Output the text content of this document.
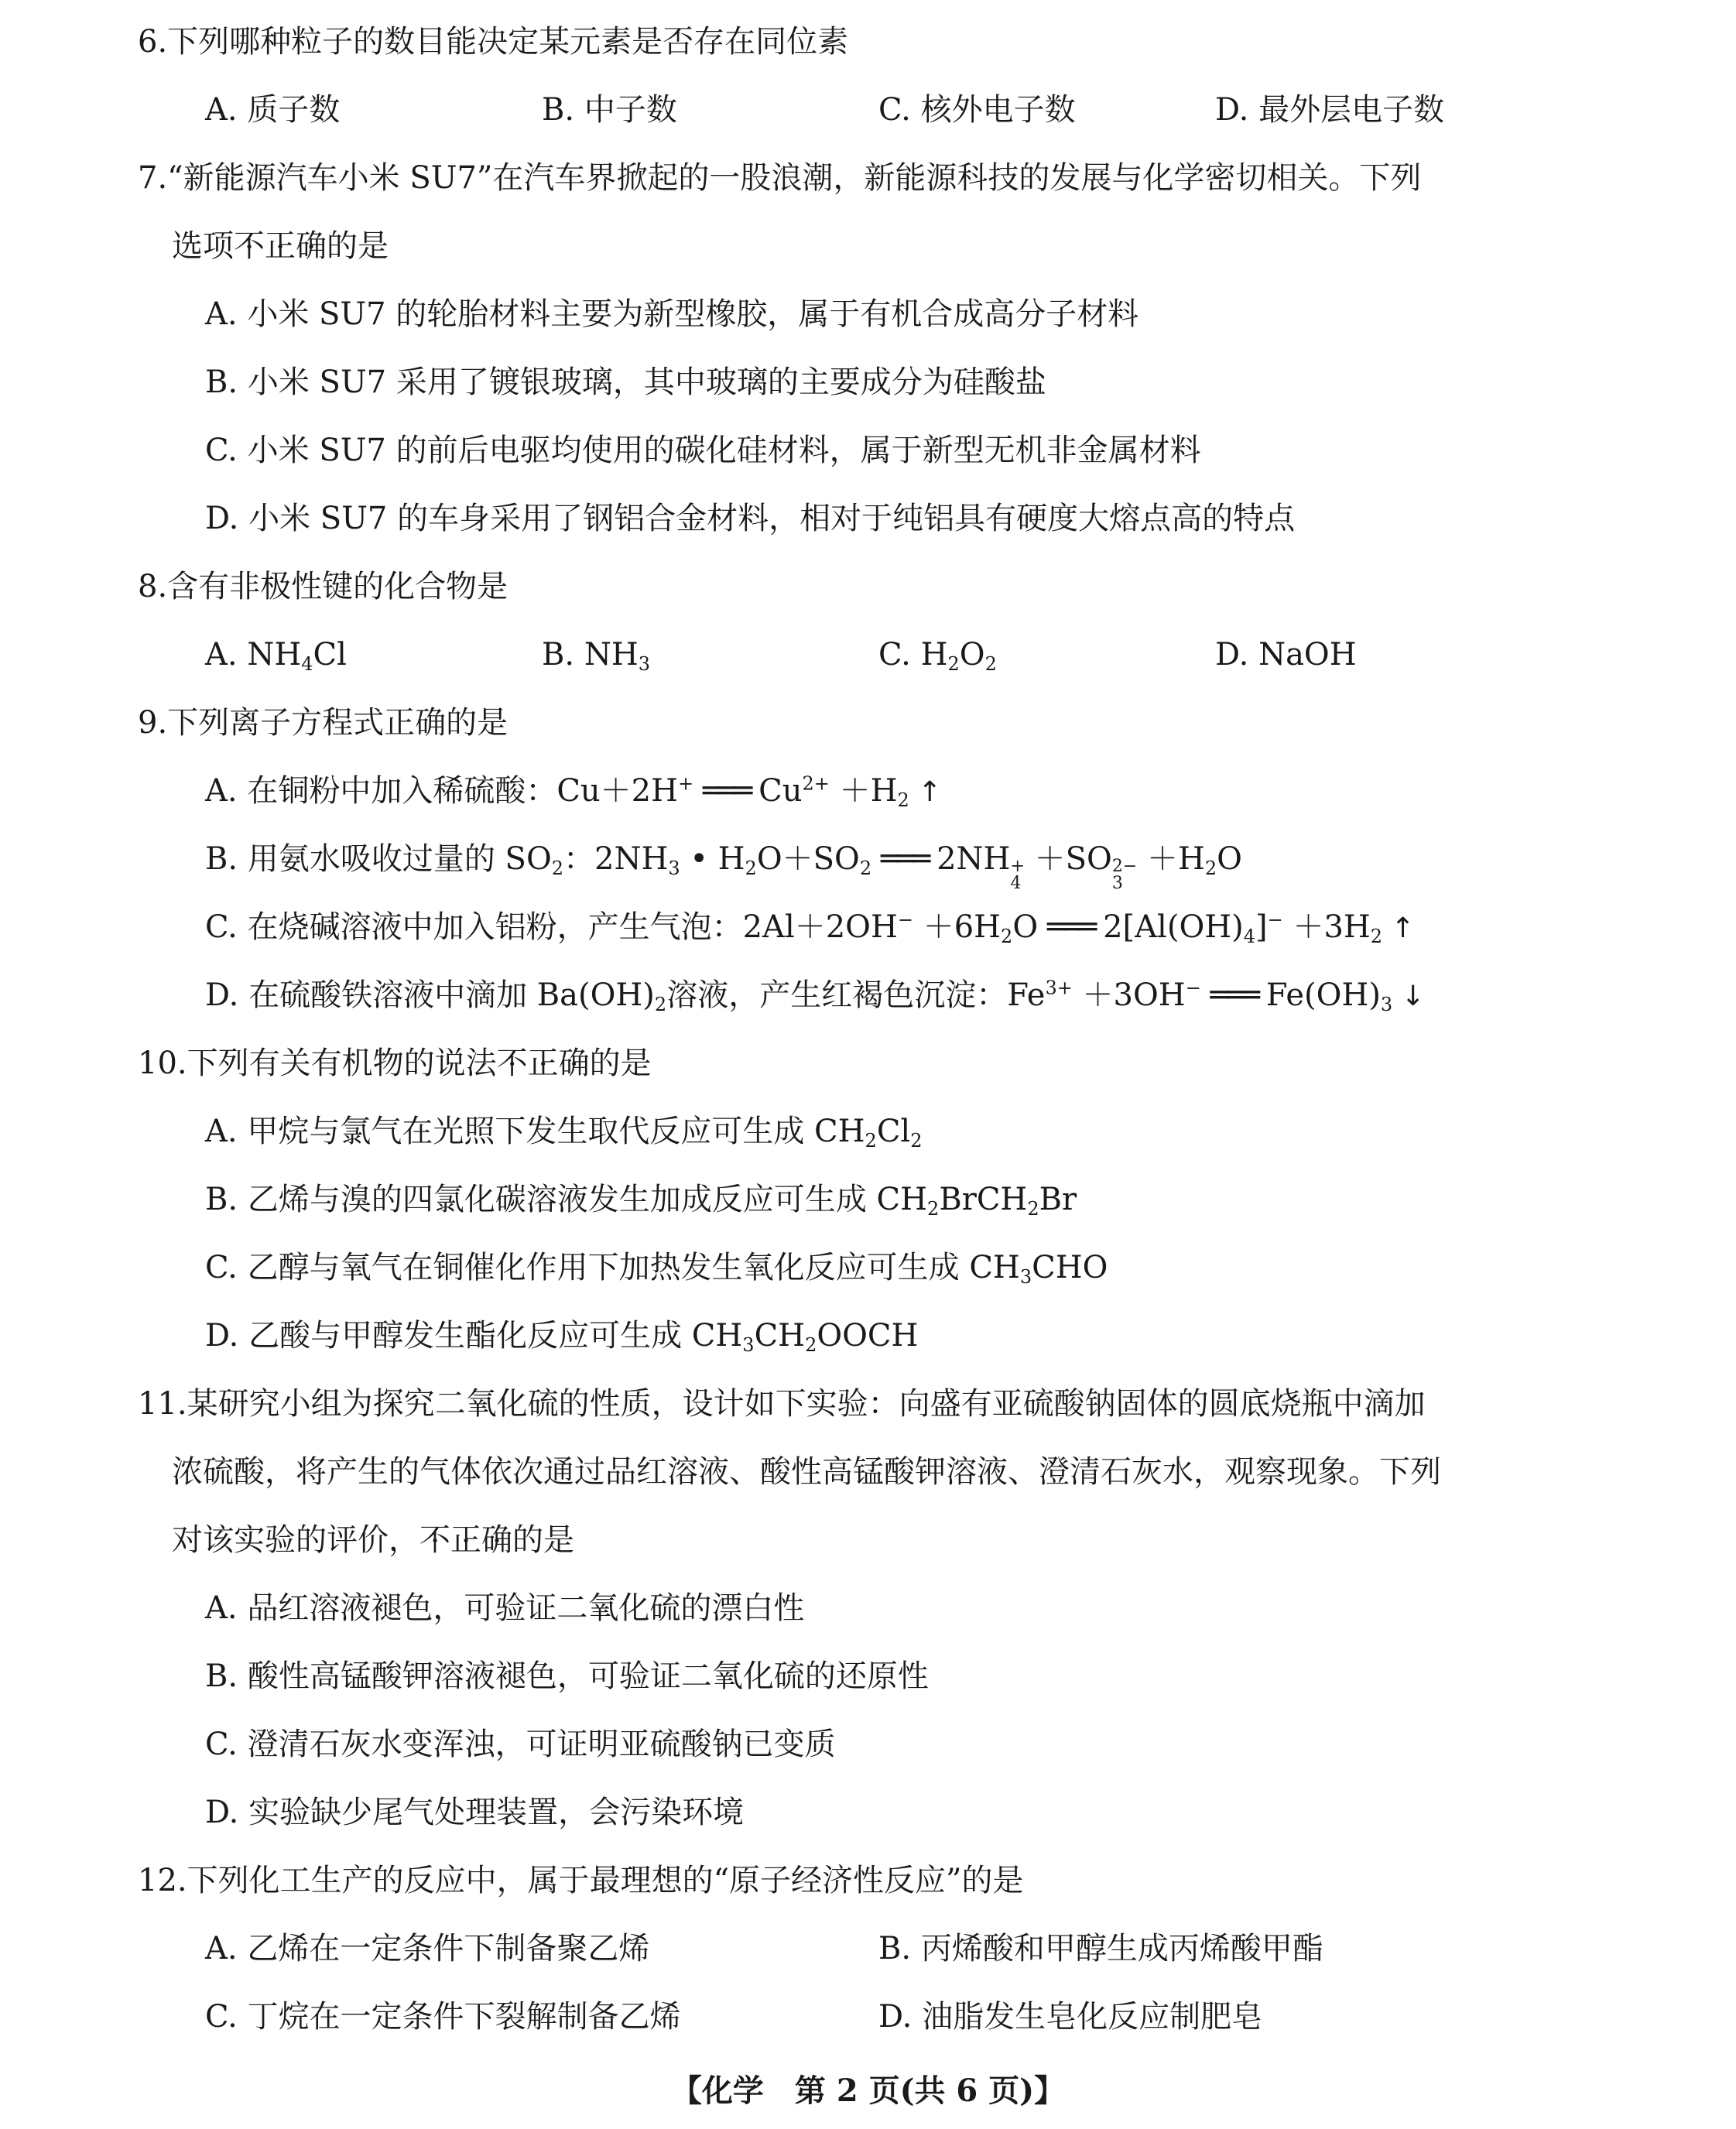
6.下列哪种粒子的数目能决定某元素是否存在同位素
A. 质子数	B. 中子数	C. 核外电子数	D. 最外层电子数
7.“新能源汽车小米 SU7”在汽车界掀起的一股浪潮，新能源科技的发展与化学密切相关。下列
选项不 •正 •确 •的是
A. 小米 SU7 的轮胎材料主要为新型橡胶，属于有机合成高分子材料
B. 小米 SU7 采用了镀银玻璃，其中玻璃的主要成分为硅酸盐
C. 小米 SU7 的前后电驱均使用的碳化硅材料，属于新型无机非金属材料
D. 小米 SU7 的车身采用了钢铝合金材料，相对于纯铝具有硬度大熔点高的特点
8.含有非极性键的化合物是
A. $NH_4Cl$	B. $NH_3$	C. $H_2O_2$	D. NaOH
9.下列离子方程式正确的是
A. 在铜粉中加入稀硫酸：Cu＋2H+ ═══ $Cu^{2+} +H_2$ ↑
B. 用氨水吸收过量的 $SO_2$：$2NH_3$ • $H_2O+SO_2$ ═══ 2NH +
4
＋SO 2−
3
$+H_2O$
C. 在烧碱溶液中加入铝粉，产生气泡：$2Al+2OH^- +6H_2O$ ═══ $2[Al(OH)_4]^- +3H_2$ ↑
D. 在硫酸铁溶液中滴加 $Ba(OH)_2$溶液，产生红褐色沉淀：$Fe^{3+} +3OH^-$ ═══ $Fe(OH)_3$ ↓
10.下列有关有机物的说法不 •正 •确 •的是
A. 甲烷与氯气在光照下发生取代反应可生成 $CH_2Cl_2$
B. 乙烯与溴的四氯化碳溶液发生加成反应可生成 $CH_2BrCH_2Br$
C. 乙醇与氧气在铜催化作用下加热发生氧化反应可生成 $CH_3CHO$
D. 乙酸与甲醇发生酯化反应可生成 $CH_3CH_2OOCH$
11.某研究小组为探究二氧化硫的性质，设计如下实验：向盛有亚硫酸钠固体的圆底烧瓶中滴加
浓硫酸，将产生的气体依次通过品红溶液、酸性高锰酸钾溶液、澄清石灰水，观察现象。下列
对该实验的评价，不 •正 •确 •的是
A. 品红溶液褪色，可验证二氧化硫的漂白性
B. 酸性高锰酸钾溶液褪色，可验证二氧化硫的还原性
C. 澄清石灰水变浑浊，可证明亚硫酸钠已变质
D. 实验缺少尾气处理装置，会污染环境
12.下列化工生产的反应中，属于最理想的“原子经济性反应”的是
A. 乙烯在一定条件下制备聚乙烯	B. 丙烯酸和甲醇生成丙烯酸甲酯
C. 丁烷在一定条件下裂解制备乙烯	D. 油脂发生皂化反应制肥皂
【化学　第 2 页(共 6 页)】
